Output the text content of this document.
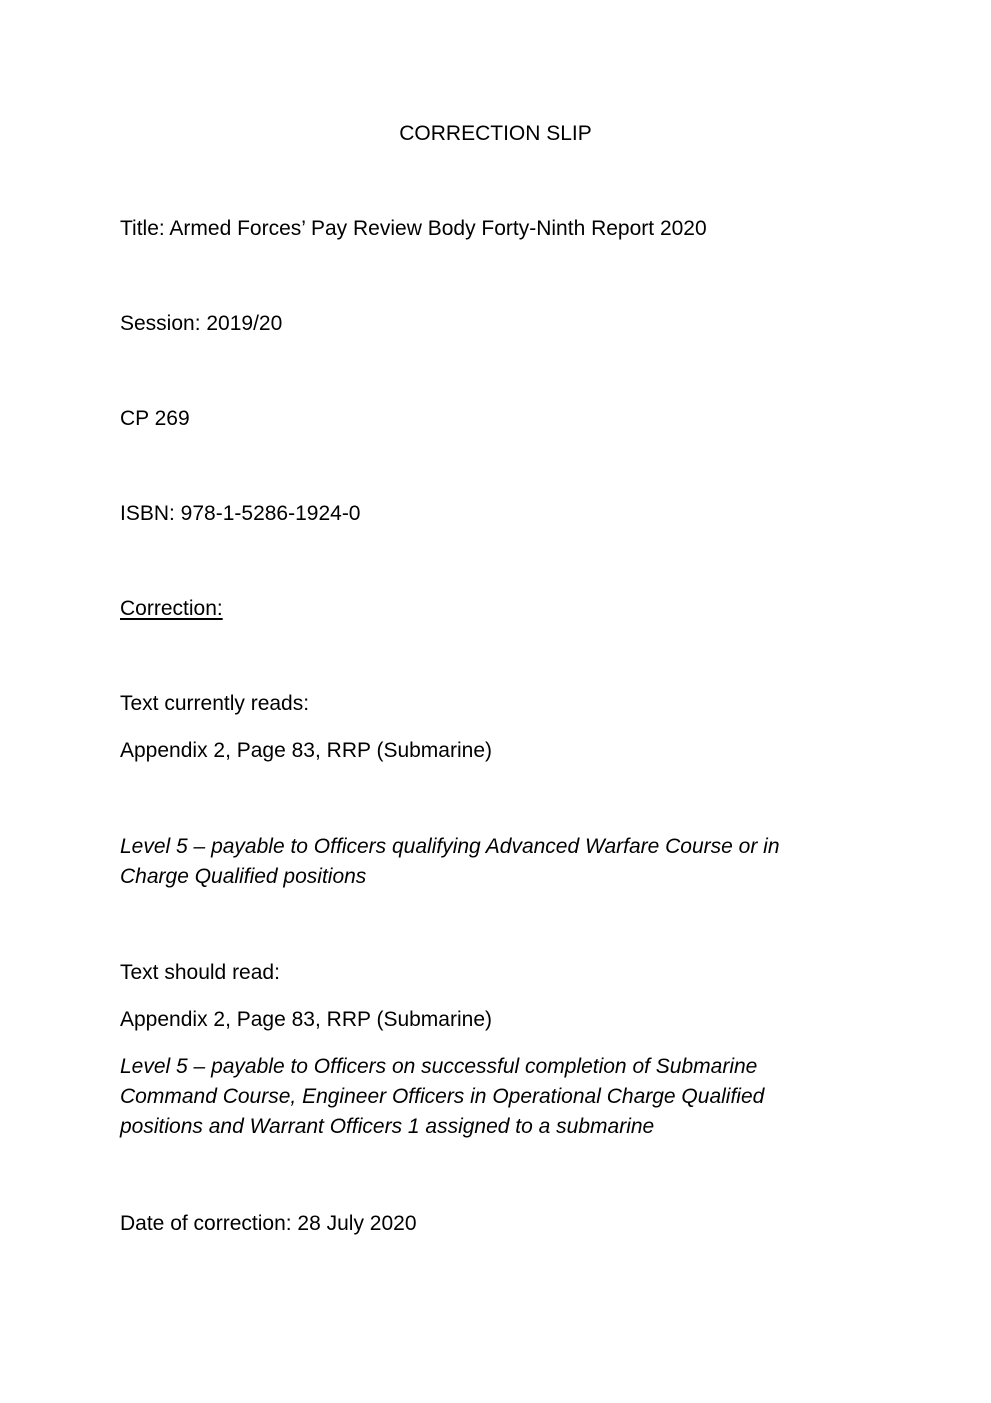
CORRECTION SLIP

Title: Armed Forces’ Pay Review Body Forty-Ninth Report 2020

Session: 2019/20

CP 269

ISBN: 978-1-5286-1924-0

Correction:

Text currently reads:

Appendix 2, Page 83, RRP (Submarine)

Level 5 – payable to Officers qualifying Advanced Warfare Course or in
Charge Qualified positions

Text should read:

Appendix 2, Page 83, RRP (Submarine)

Level 5 – payable to Officers on successful completion of Submarine
Command Course, Engineer Officers in Operational Charge Qualified
positions and Warrant Officers 1 assigned to a submarine

Date of correction: 28 July 2020
